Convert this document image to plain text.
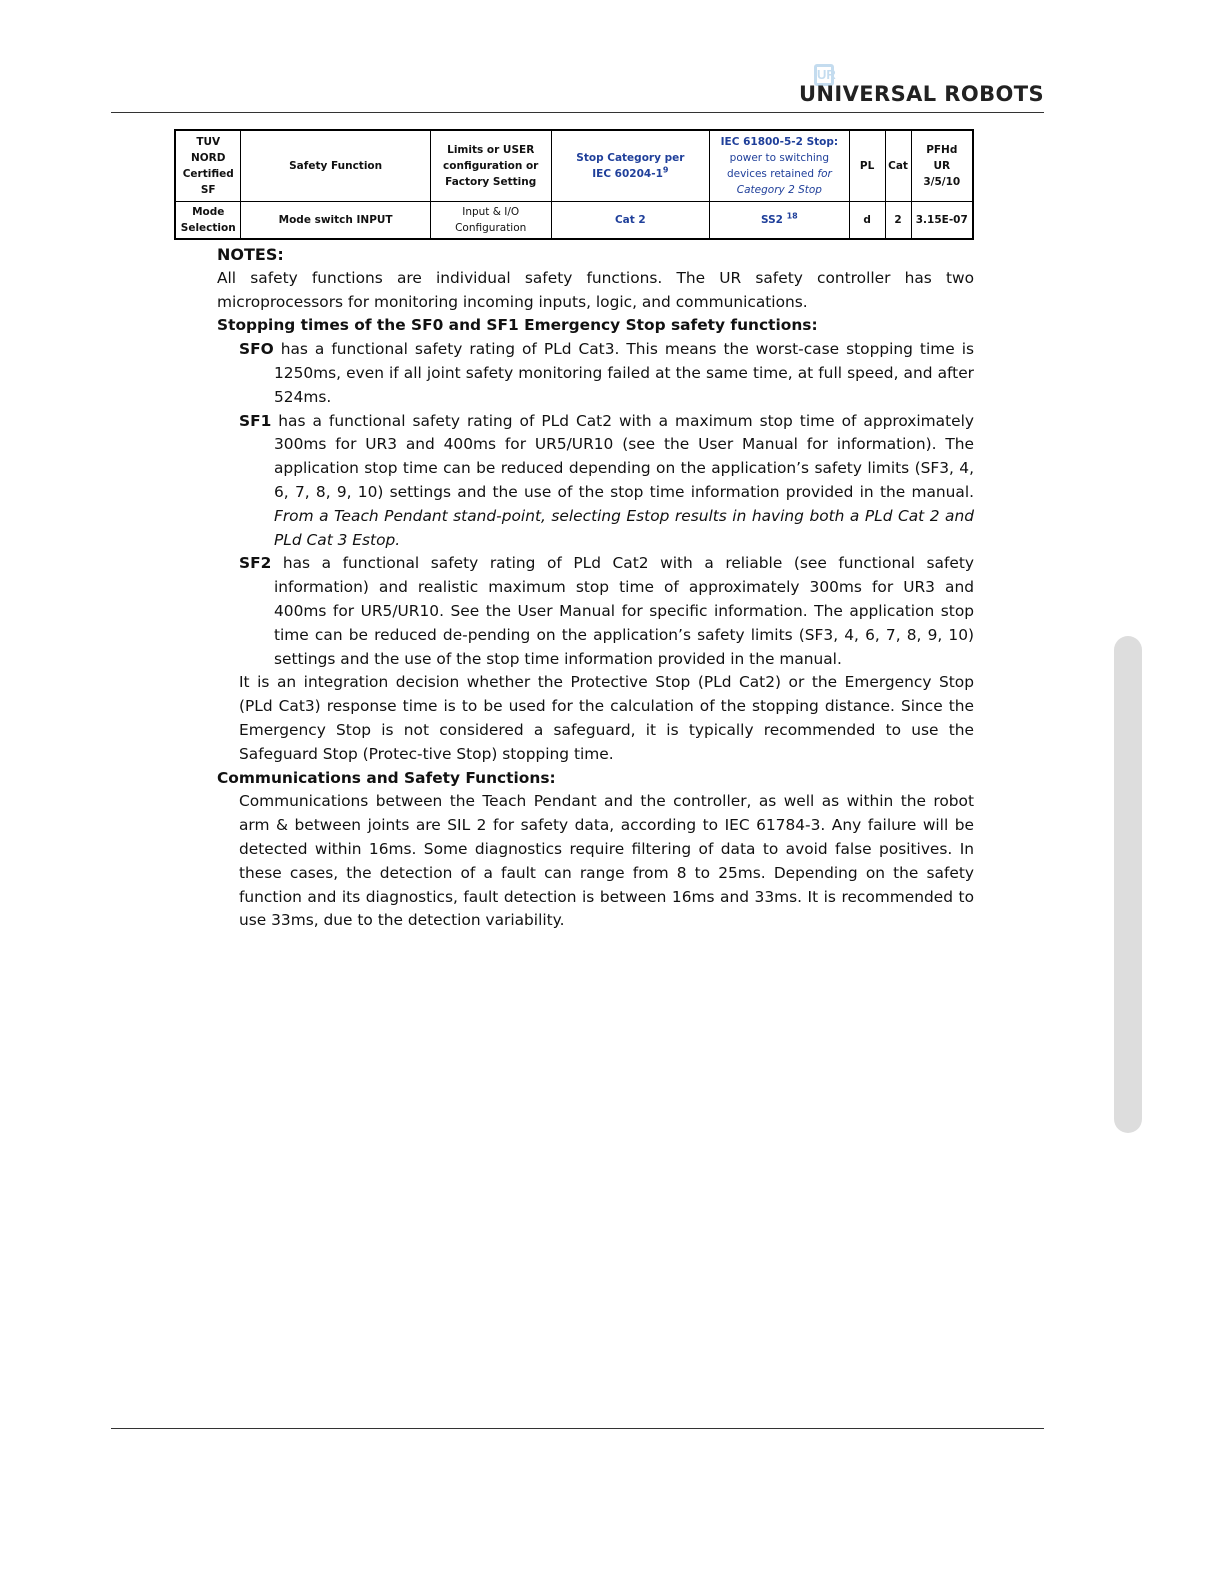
UR
UNIVERSAL ROBOTS
TUV NORD
Certified
SF	Safety Function	Limits or USER
configuration or
Factory Setting	Stop Category per
IEC $60204-1^9$	IEC 61800-5-2 Stop:
power to switching
devices retained for
Category 2 Stop	PL	Cat	PFHd
UR 3/5/10
Mode
Selection	Mode switch INPUT	Input & I/O
Configuration	Cat 2	SS2 $^{18}$	d	2	3.15E-07

NOTES:

All safety functions are individual safety functions. The UR safety controller has two microprocessors for monitoring incoming inputs, logic, and communications.

Stopping times of the SF0 and SF1 Emergency Stop safety functions:

SFO has a functional safety rating of PLd Cat3. This means the worst-case stopping time is 1250ms, even if all joint safety monitoring failed at the same time, at full speed, and after 524ms.

SF1 has a functional safety rating of PLd Cat2 with a maximum stop time of approximately 300ms for UR3 and 400ms for UR5/UR10 (see the User Manual for information). The application stop time can be reduced depending on the application’s safety limits (SF3, 4, 6, 7, 8, 9, 10) settings and the use of the stop time information provided in the manual. From a Teach Pendant stand-point, selecting Estop results in having both a PLd Cat 2 and PLd Cat 3 Estop.

SF2 has a functional safety rating of PLd Cat2 with a reliable (see functional safety information) and realistic maximum stop time of approximately 300ms for UR3 and 400ms for UR5/UR10. See the User Manual for specific information. The application stop time can be reduced de-pending on the application’s safety limits (SF3, 4, 6, 7, 8, 9, 10) settings and the use of the stop time information provided in the manual.

It is an integration decision whether the Protective Stop (PLd Cat2) or the Emergency Stop (PLd Cat3) response time is to be used for the calculation of the stopping distance. Since the Emergency Stop is not considered a safeguard, it is typically recommended to use the Safeguard Stop (Protec-tive Stop) stopping time.

Communications and Safety Functions:

Communications between the Teach Pendant and the controller, as well as within the robot arm & between joints are SIL 2 for safety data, according to IEC 61784-3. Any failure will be detected within 16ms. Some diagnostics require filtering of data to avoid false positives. In these cases, the detection of a fault can range from 8 to 25ms. Depending on the safety function and its diagnostics, fault detection is between 16ms and 33ms. It is recommended to use 33ms, due to the detection variability.
